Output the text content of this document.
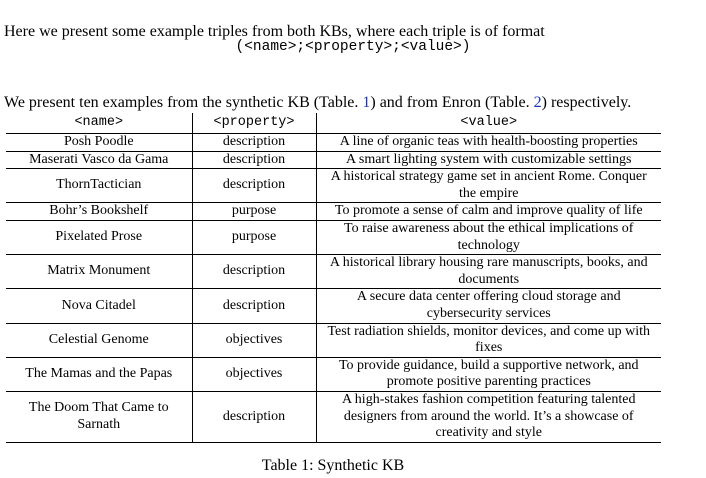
Here we present some example triples from both KBs, where each triple is of format

(<name>;<property>;<value>)

We present ten examples from the synthetic KB (Table. 1) and from Enron (Table. 2) respectively.

<name>	<property>	<value>
Posh Poodle	description	A line of organic teas with health-boosting properties
Maserati Vasco da Gama	description	A smart lighting system with customizable settings
ThornTactician	description	A historical strategy game set in ancient Rome. Conquer the empire
Bohr’s Bookshelf	purpose	To promote a sense of calm and improve quality of life
Pixelated Prose	purpose	To raise awareness about the ethical implications of technology
Matrix Monument	description	A historical library housing rare manuscripts, books, and documents
Nova Citadel	description	A secure data center offering cloud storage and cybersecurity services
Celestial Genome	objectives	Test radiation shields, monitor devices, and come up with fixes
The Mamas and the Papas	objectives	To provide guidance, build a supportive network, and promote positive parenting practices
The Doom That Came to Sarnath	description	A high-stakes fashion competition featuring talented designers from around the world. It’s a showcase of creativity and style
Table 1: Synthetic KB
